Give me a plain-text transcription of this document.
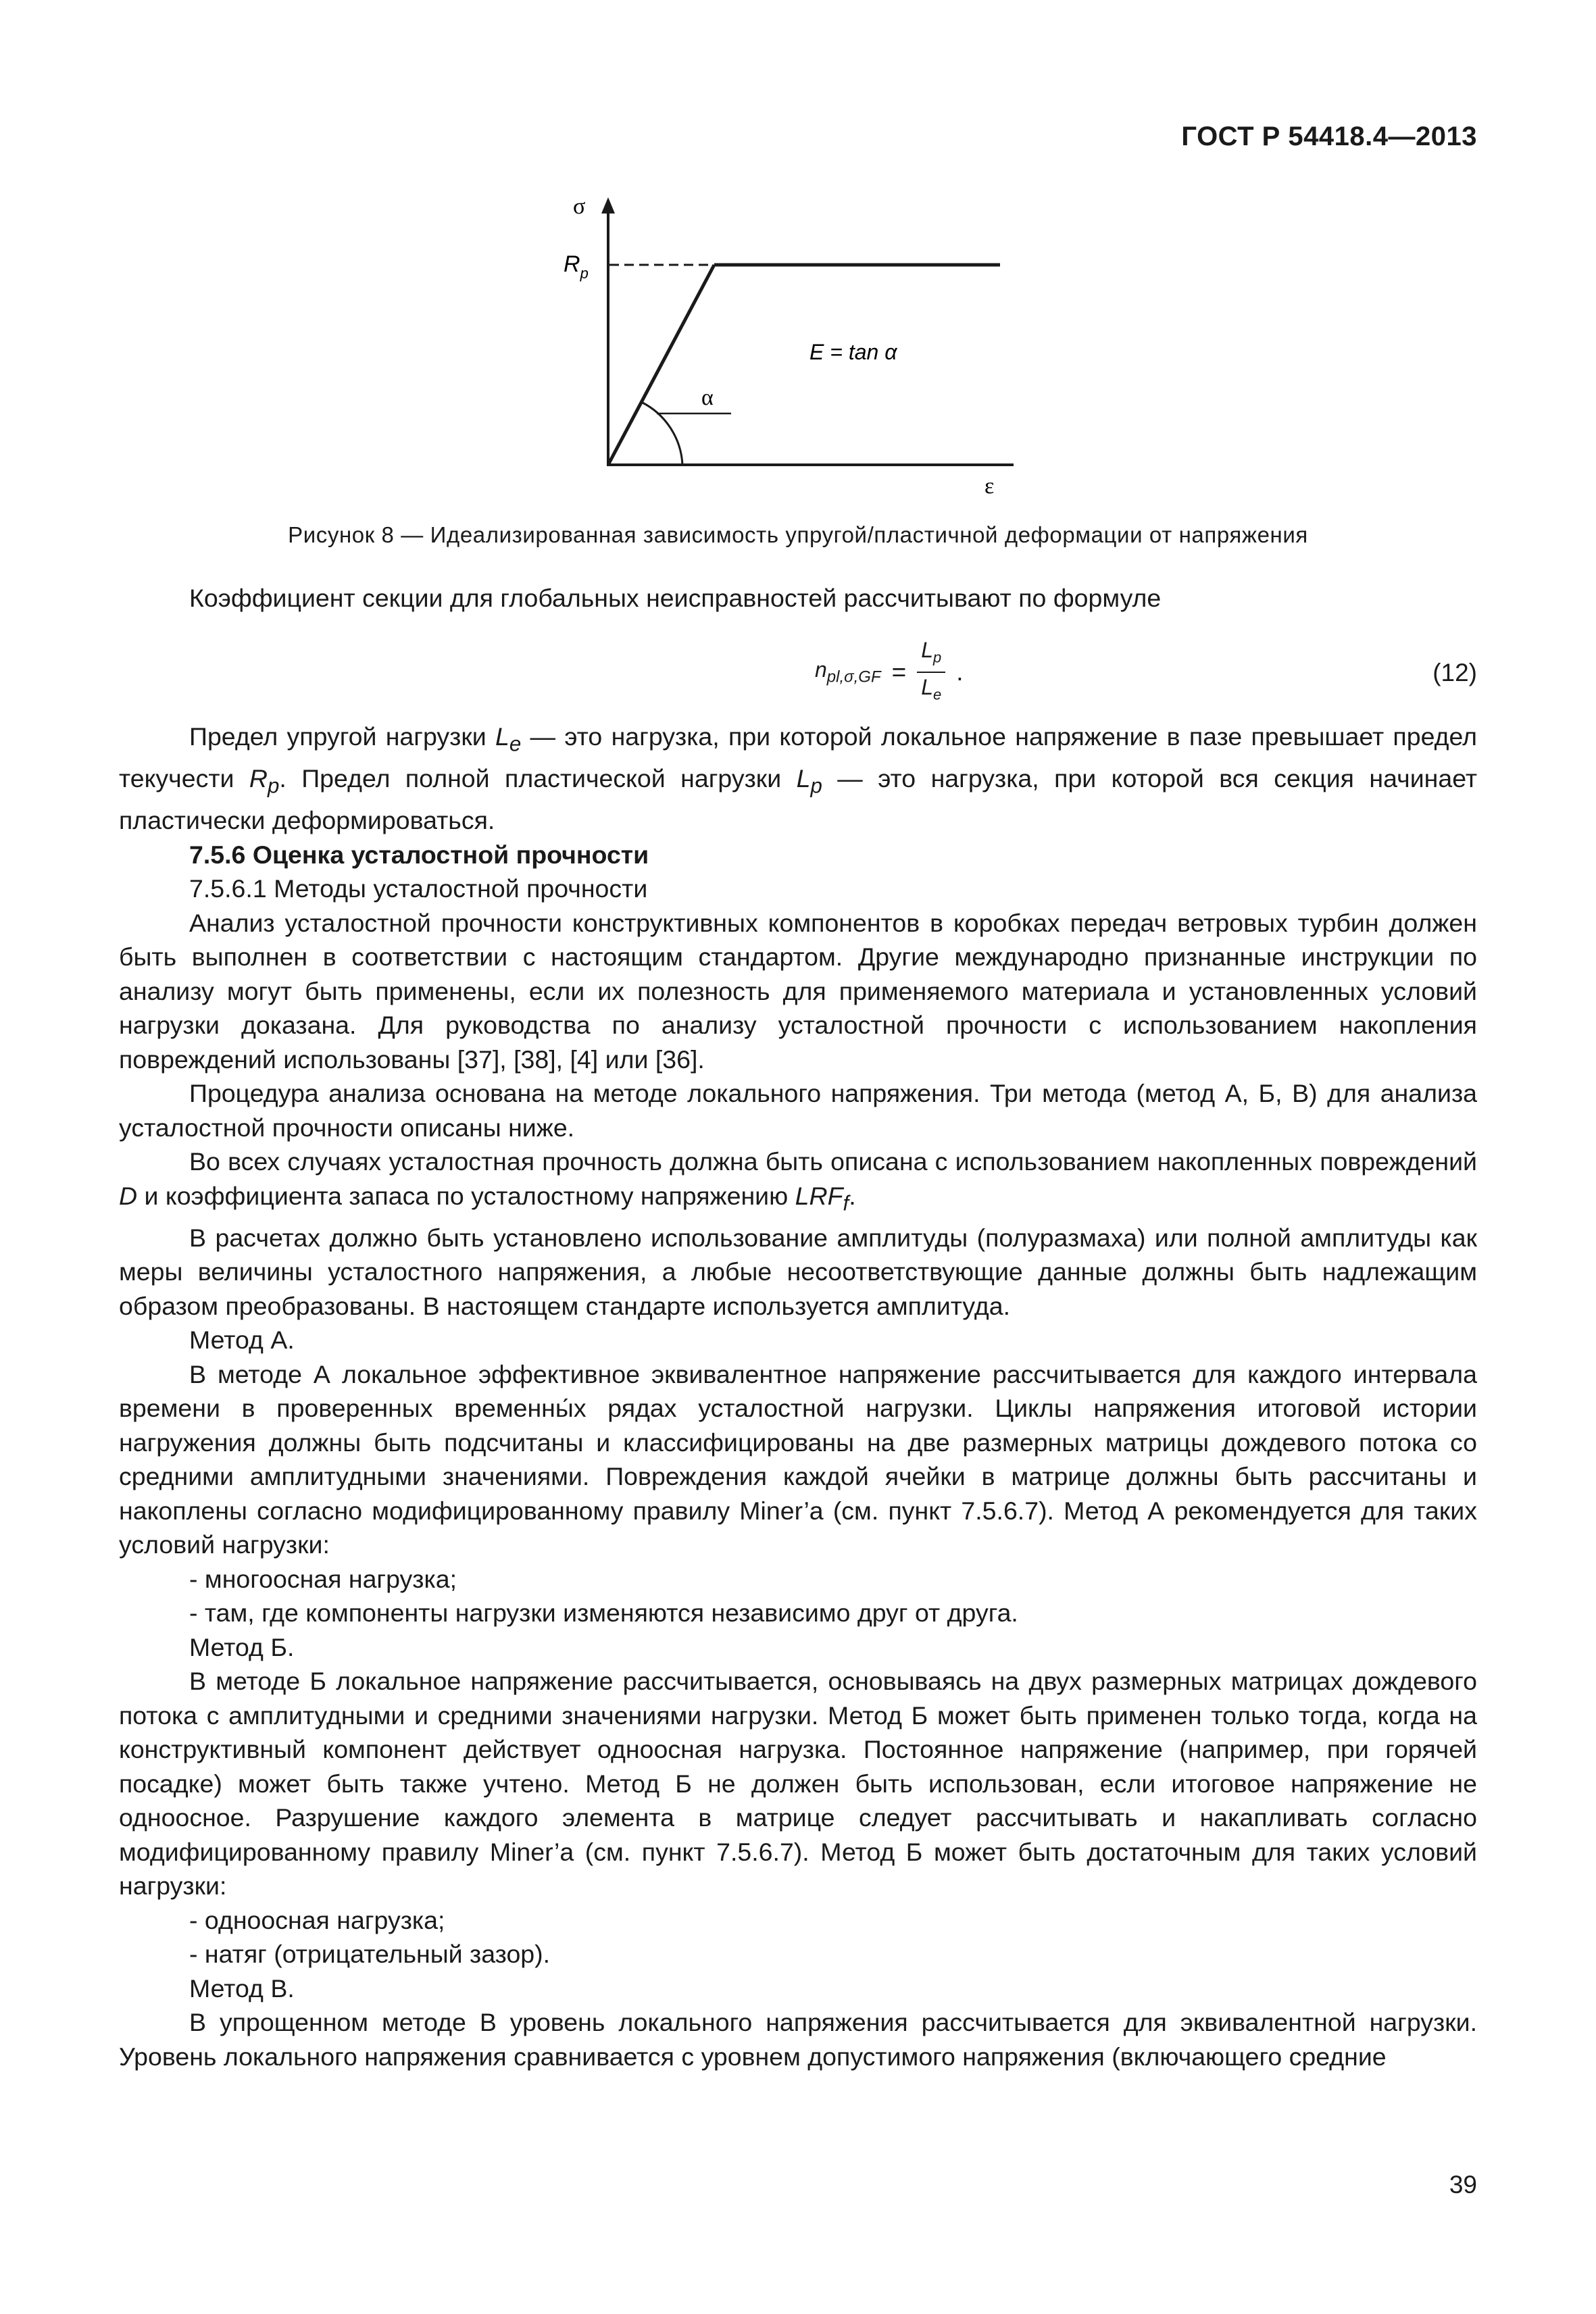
ГОСТ Р 54418.4—2013
σ
$R_p$
α
E = tan α
ε
Рисунок 8 — Идеализированная зависимость упругой/пластичной деформации от напряжения

Коэффициент секции для глобальных неисправностей рассчитывают по формуле

$n_{pl,\sigma,GF} = \frac{L_p}{L_e}$ .	(12)

Предел упругой нагрузки $L_e$ — это нагрузка, при которой локальное напряжение в пазе превышает предел текучести $R_p$. Предел полной пластической нагрузки $L_p$ — это нагрузка, при которой вся секция начинает пластически деформироваться.

7.5.6 Оценка усталостной прочности

7.5.6.1 Методы усталостной прочности

Анализ усталостной прочности конструктивных компонентов в коробках передач ветровых турбин должен быть выполнен в соответствии с настоящим стандартом. Другие международно признанные инструкции по анализу могут быть применены, если их полезность для применяемого материала и установленных условий нагрузки доказана. Для руководства по анализу усталостной прочности с использованием накопления повреждений использованы [37], [38], [4] или [36].

Процедура анализа основана на методе локального напряжения. Три метода (метод А, Б, В) для анализа усталостной прочности описаны ниже.

Во всех случаях усталостная прочность должна быть описана с использованием накопленных повреждений D и коэффициента запаса по усталостному напряжению $LRF_f$.

В расчетах должно быть установлено использование амплитуды (полуразмаха) или полной амплитуды как меры величины усталостного напряжения, а любые несоответствующие данные должны быть надлежащим образом преобразованы. В настоящем стандарте используется амплитуда.

Метод А.

В методе А локальное эффективное эквивалентное напряжение рассчитывается для каждого интервала времени в проверенных временны́х рядах усталостной нагрузки. Циклы напряжения итоговой истории нагружения должны быть подсчитаны и классифицированы на две размерных матрицы дождевого потока со средними амплитудными значениями. Повреждения каждой ячейки в матрице должны быть рассчитаны и накоплены согласно модифицированному правилу Miner’a (см. пункт 7.5.6.7). Метод А рекомендуется для таких условий нагрузки:

- многоосная нагрузка;

- там, где компоненты нагрузки изменяются независимо друг от друга.

Метод Б.

В методе Б локальное напряжение рассчитывается, основываясь на двух размерных матрицах дождевого потока с амплитудными и средними значениями нагрузки. Метод Б может быть применен только тогда, когда на конструктивный компонент действует одноосная нагрузка. Постоянное напряжение (например, при горячей посадке) может быть также учтено. Метод Б не должен быть использован, если итоговое напряжение не одноосное. Разрушение каждого элемента в матрице следует рассчитывать и накапливать согласно модифицированному правилу Miner’a (см. пункт 7.5.6.7). Метод Б может быть достаточным для таких условий нагрузки:

- одноосная нагрузка;

- натяг (отрицательный зазор).

Метод В.

В упрощенном методе В уровень локального напряжения рассчитывается для эквивалентной нагрузки. Уровень локального напряжения сравнивается с уровнем допустимого напряжения (включающего средние

39
